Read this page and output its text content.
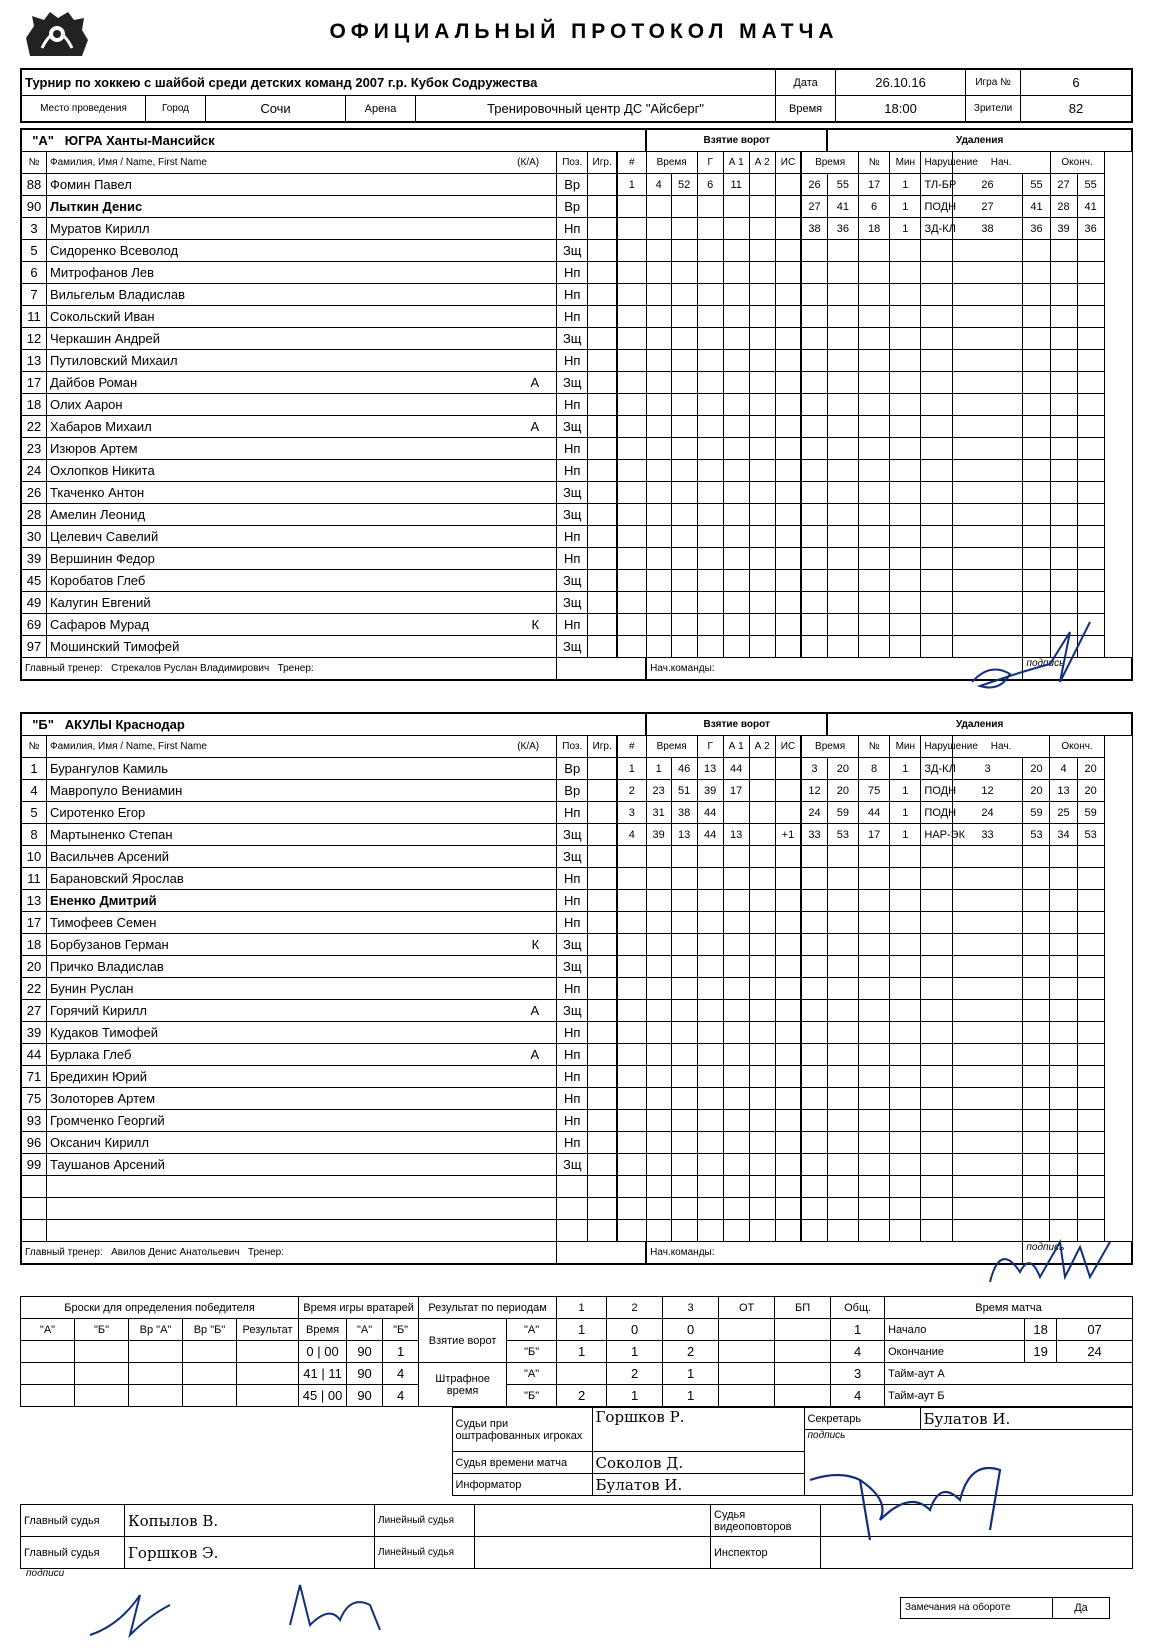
ОФИЦИАЛЬНЫЙ ПРОТОКОЛ МАТЧА
Турнир по хоккею с шайбой среди детских команд 2007 г.р. Кубок Содружества					Дата	26.10.16	Игра №	6
Место проведения	Город	Сочи	Арена	Тренировочный центр ДС "Айсберг"	Время	18:00	Зрители	82
"А" ЮГРА Ханты-Мансийск					Взятие ворот							Удаления							
№	Фамилия, Имя / Name, First Name (К/А)	Поз.	Игр.	#	Время		Г	А 1	А 2	ИС	Время		№	Мин	Нарушение	Нач.		Оконч.	
88	Фомин Павел	Вр		1	4	52	6	11			26	55	17	1	ТЛ-БР	26	55	27	55
90	Лыткин Денис	Вр									27	41	6	1	ПОДН	27	41	28	41
3	Муратов Кирилл	Нп									38	36	18	1	ЗД-КЛ	38	36	39	36
5	Сидоренко Всеволод	Зщ																	
6	Митрофанов Лев	Нп																	
7	Вильгельм Владислав	Нп																	
11	Сокольский Иван	Нп																	
12	Черкашин Андрей	Зщ																	
13	Путиловский Михаил	Нп																	
17	Дайбов Роман А	Зщ																	
18	Олих Аарон	Нп																	
22	Хабаров Михаил А	Зщ																	
23	Изюров Артем	Нп																	
24	Охлопков Никита	Нп																	
26	Ткаченко Антон	Зщ																	
28	Амелин Леонид	Зщ																	
30	Целевич Савелий	Нп																	
39	Вершинин Федор	Нп																	
45	Коробатов Глеб	Зщ																	
49	Калугин Евгений	Зщ																	
69	Сафаров Мурад К	Нп																	
97	Мошинский Тимофей	Зщ																	
Главный тренер: Стрекалов Руслан Владимирович Тренер:					Нач.команды:												подпись		
"Б" АКУЛЫ Краснодар					Взятие ворот							Удаления							
№	Фамилия, Имя / Name, First Name (К/А)	Поз.	Игр.	#	Время		Г	А 1	А 2	ИС	Время		№	Мин	Нарушение	Нач.		Оконч.	
1	Бурангулов Камиль	Вр		1	1	46	13	44			3	20	8	1	ЗД-КЛ	3	20	4	20
4	Мавропуло Вениамин	Вр		2	23	51	39	17			12	20	75	1	ПОДН	12	20	13	20
5	Сиротенко Егор	Нп		3	31	38	44				24	59	44	1	ПОДН	24	59	25	59
8	Мартыненко Степан	Зщ		4	39	13	44	13		+1	33	53	17	1	НАР-ЭК	33	53	34	53
10	Васильчев Арсений	Зщ																	
11	Барановский Ярослав	Нп																	
13	Ененко Дмитрий	Нп																	
17	Тимофеев Семен	Нп																	
18	Борбузанов Герман К	Зщ																	
20	Причко Владислав	Зщ																	
22	Бунин Руслан	Нп																	
27	Горячий Кирилл А	Зщ																	
39	Кудаков Тимофей	Нп																	
44	Бурлака Глеб А	Нп																	
71	Бредихин Юрий	Нп																	
75	Золоторев Артем	Нп																	
93	Громченко Георгий	Нп																	
96	Оксанич Кирилл	Нп																	
99	Таушанов Арсений	Зщ																	

Главный тренер: Авилов Денис Анатольевич Тренер:					Нач.команды:												подпись		
Броски для определения победителя					Время игры вратарей			Результат по периодам		1	2	3	ОТ	БП	Общ.	Время матча		
"А"	"Б"	Вр "А"	Вр "Б"	Результат	Время	"А"	"Б"	Взятие ворот	"А"	1	0	0			1	Начало	18	07
					0 | 00	90	1		"Б"	1	1	2			4	Окончание	19	24
					41 | 11	90	4	Штрафное время	"А"		2	1			3	Тайм-аут А		
					45 | 00	90	4		"Б"	2	1	1			4	Тайм-аут Б		
	Судьи при оштрафованных игроках	Горшков Р.	Секретарь	Булатов И.
			подпись	
	Судья времени матча	Соколов Д.		
	Информатор	Булатов И.		
Главный судья	Копылов В.	Линейный судья		Судья видеоповторов	
Главный судья	Горшков Э.	Линейный судья		Инспектор	
подписи
Замечания на обороте	Да
